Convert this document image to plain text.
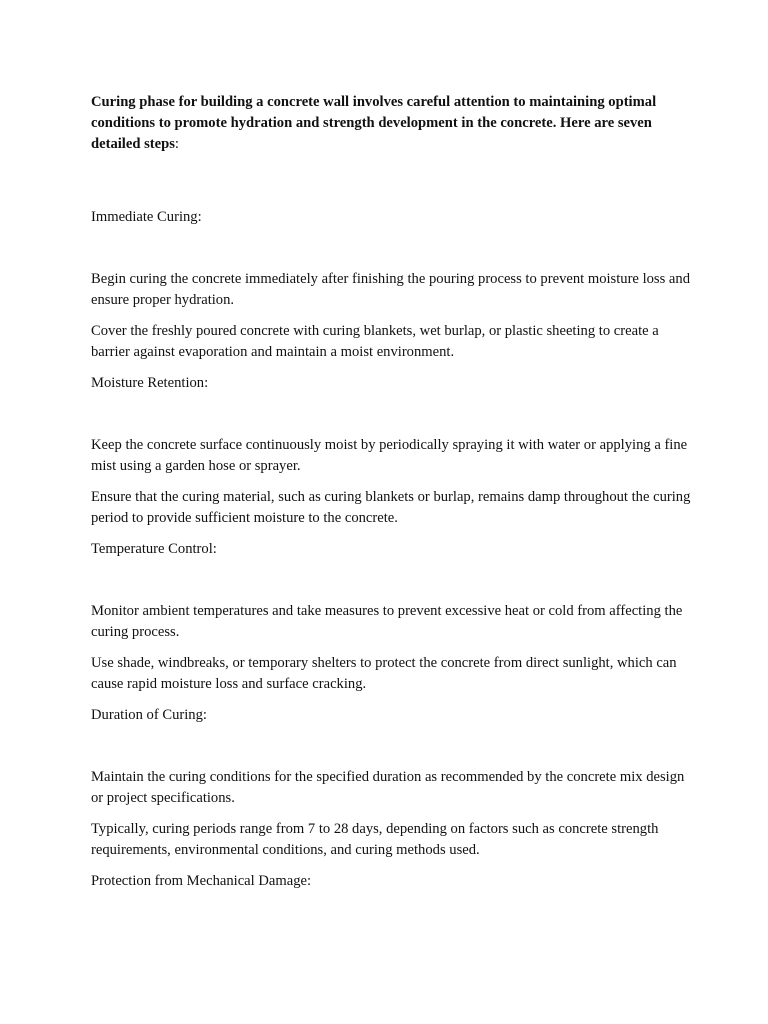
Curing phase for building a concrete wall involves careful attention to maintaining optimal conditions to promote hydration and strength development in the concrete. Here are seven detailed steps:

Immediate Curing:

Begin curing the concrete immediately after finishing the pouring process to prevent moisture loss and ensure proper hydration.

Cover the freshly poured concrete with curing blankets, wet burlap, or plastic sheeting to create a barrier against evaporation and maintain a moist environment.

Moisture Retention:

Keep the concrete surface continuously moist by periodically spraying it with water or applying a fine mist using a garden hose or sprayer.

Ensure that the curing material, such as curing blankets or burlap, remains damp throughout the curing period to provide sufficient moisture to the concrete.

Temperature Control:

Monitor ambient temperatures and take measures to prevent excessive heat or cold from affecting the curing process.

Use shade, windbreaks, or temporary shelters to protect the concrete from direct sunlight, which can cause rapid moisture loss and surface cracking.

Duration of Curing:

Maintain the curing conditions for the specified duration as recommended by the concrete mix design or project specifications.

Typically, curing periods range from 7 to 28 days, depending on factors such as concrete strength requirements, environmental conditions, and curing methods used.

Protection from Mechanical Damage:
